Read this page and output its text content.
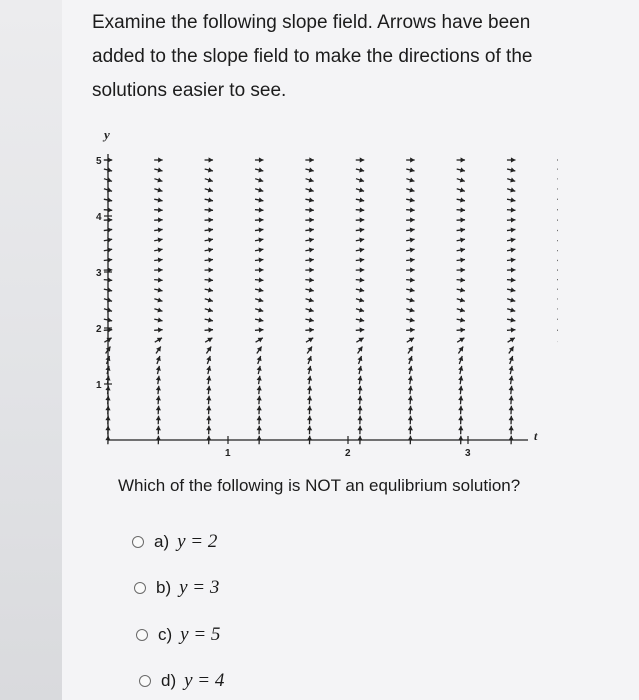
Examine the following slope field. Arrows have been
added to the slope field to make the directions of the
solutions easier to see.
y
t
1
2
3
4
5
1	2	3
Which of the following is NOT an equlibrium solution?
a) y = 2
b) y = 3
c) y = 5
d) y = 4
